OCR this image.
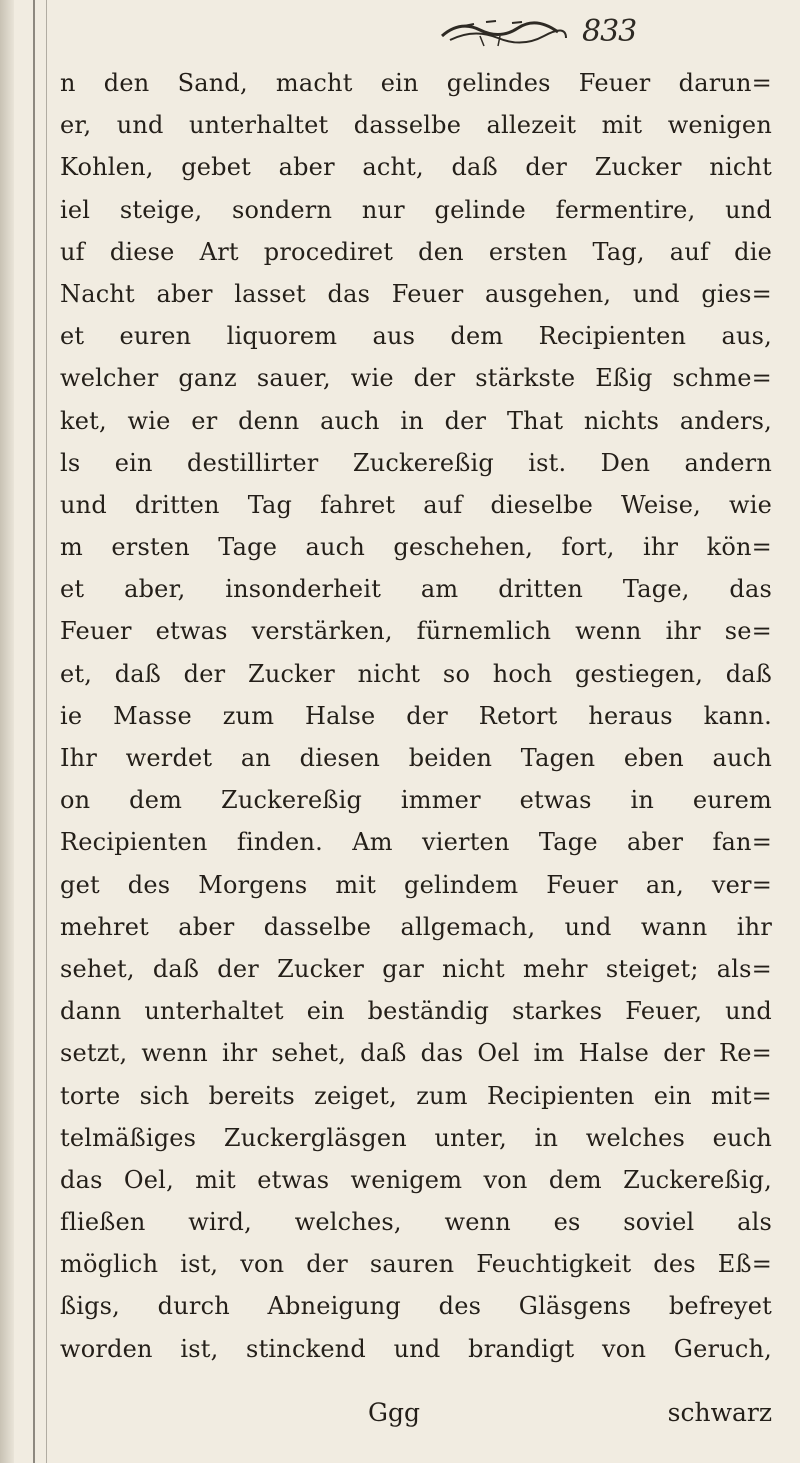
833
n den Sand, macht ein gelindes Feuer darun=
er, und unterhaltet dasselbe allezeit mit wenigen
Kohlen, gebet aber acht, daß der Zucker nicht
iel steige, sondern nur gelinde fermentire, und
uf diese Art procediret den ersten Tag, auf die
Nacht aber lasset das Feuer ausgehen, und gies=
et euren liquorem aus dem Recipienten aus,
welcher ganz sauer, wie der stärkste Eßig schme=
ket, wie er denn auch in der That nichts anders,
ls ein destillirter Zuckereßig ist. Den andern
und dritten Tag fahret auf dieselbe Weise, wie
m ersten Tage auch geschehen, fort, ihr kön=
et aber, insonderheit am dritten Tage, das
Feuer etwas verstärken, fürnemlich wenn ihr se=
et, daß der Zucker nicht so hoch gestiegen, daß
ie Masse zum Halse der Retort heraus kann.
Ihr werdet an diesen beiden Tagen eben auch
on dem Zuckereßig immer etwas in eurem
Recipienten finden. Am vierten Tage aber fan=
get des Morgens mit gelindem Feuer an, ver=
mehret aber dasselbe allgemach, und wann ihr
sehet, daß der Zucker gar nicht mehr steiget; als=
dann unterhaltet ein beständig starkes Feuer, und
setzt, wenn ihr sehet, daß das Oel im Halse der Re=
torte sich bereits zeiget, zum Recipienten ein mit=
telmäßiges Zuckergläsgen unter, in welches euch
das Oel, mit etwas wenigem von dem Zuckereßig,
fließen wird, welches, wenn es soviel als
möglich ist, von der sauren Feuchtigkeit des Eß=
ßigs, durch Abneigung des Gläsgens befreyet
worden ist, stinckend und brandigt von Geruch,
Ggg	schwarz
